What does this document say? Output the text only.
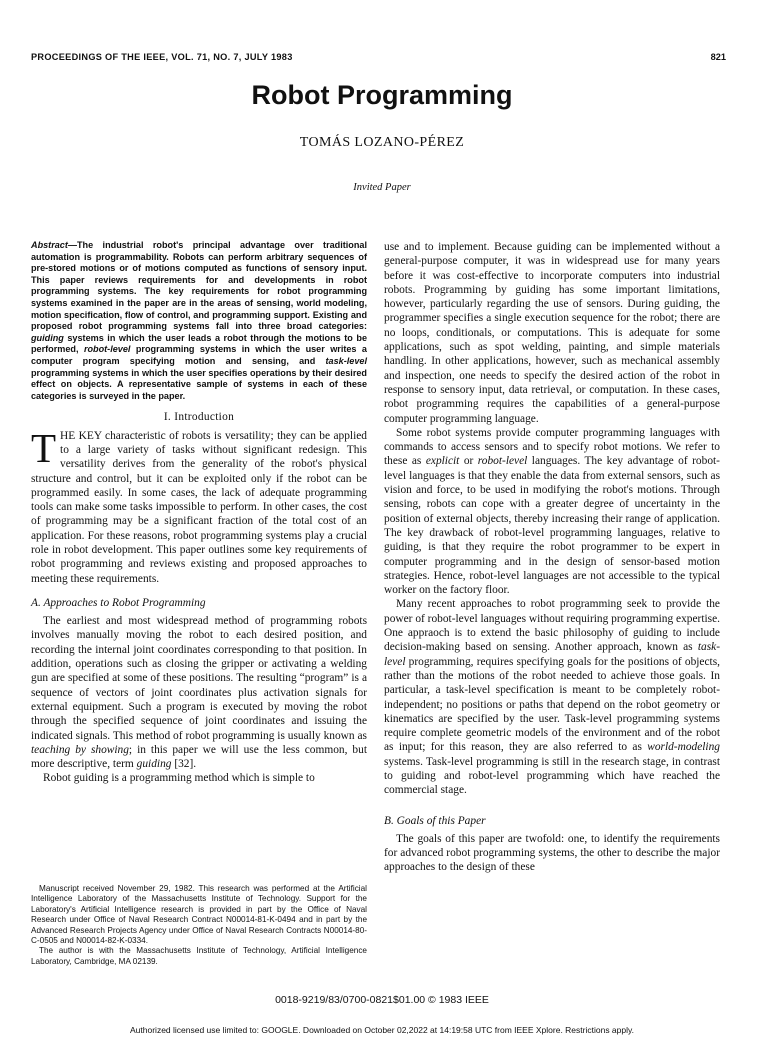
PROCEEDINGS OF THE IEEE, VOL. 71, NO. 7, JULY 1983	821
Robot Programming
TOMÁS LOZANO-PÉREZ
Invited Paper

Abstract—The industrial robot's principal advantage over traditional automation is programmability. Robots can perform arbitrary sequences of pre-stored motions or of motions computed as functions of sensory input. This paper reviews requirements for and developments in robot programming systems. The key requirements for robot programming systems examined in the paper are in the areas of sensing, world modeling, motion specification, flow of control, and programming support. Existing and proposed robot programming systems fall into three broad categories: guiding systems in which the user leads a robot through the motions to be performed, robot-level programming systems in which the user writes a computer program specifying motion and sensing, and task-level programming systems in which the user specifies operations by their desired effect on objects. A representative sample of systems in each of these categories is surveyed in the paper.

I. Introduction

THE KEY characteristic of robots is versatility; they can be applied to a large variety of tasks without significant redesign. This versatility derives from the generality of the robot's physical structure and control, but it can be exploited only if the robot can be programmed easily. In some cases, the lack of adequate programming tools can make some tasks impossible to perform. In other cases, the cost of programming may be a significant fraction of the total cost of an application. For these reasons, robot programming systems play a crucial role in robot development. This paper outlines some key requirements of robot programming and reviews existing and proposed approaches to meeting these requirements.

A. Approaches to Robot Programming

The earliest and most widespread method of programming robots involves manually moving the robot to each desired position, and recording the internal joint coordinates corresponding to that position. In addition, operations such as closing the gripper or activating a welding gun are specified at some of these positions. The resulting “program” is a sequence of vectors of joint coordinates plus activation signals for external equipment. Such a program is executed by moving the robot through the specified sequence of joint coordinates and issuing the indicated signals. This method of robot programming is usually known as teaching by showing; in this paper we will use the less common, but more descriptive, term guiding [32].

Robot guiding is a programming method which is simple to

use and to implement. Because guiding can be implemented without a general-purpose computer, it was in widespread use for many years before it was cost-effective to incorporate computers into industrial robots. Programming by guiding has some important limitations, however, particularly regarding the use of sensors. During guiding, the programmer specifies a single execution sequence for the robot; there are no loops, conditionals, or computations. This is adequate for some applications, such as spot welding, painting, and simple materials handling. In other applications, however, such as mechanical assembly and inspection, one needs to specify the desired action of the robot in response to sensory input, data retrieval, or computation. In these cases, robot programming requires the capabilities of a general-purpose computer programming language.

Some robot systems provide computer programming languages with commands to access sensors and to specify robot motions. We refer to these as explicit or robot-level languages. The key advantage of robot-level languages is that they enable the data from external sensors, such as vision and force, to be used in modifying the robot's motions. Through sensing, robots can cope with a greater degree of uncertainty in the position of external objects, thereby increasing their range of application. The key drawback of robot-level programming languages, relative to guiding, is that they require the robot programmer to be expert in computer programming and in the design of sensor-based motion strategies. Hence, robot-level languages are not accessible to the typical worker on the factory floor.

Many recent approaches to robot programming seek to provide the power of robot-level languages without requiring programming expertise. One appraoch is to extend the basic philosophy of guiding to include decision-making based on sensing. Another approach, known as task-level programming, requires specifying goals for the positions of objects, rather than the motions of the robot needed to achieve those goals. In particular, a task-level specification is meant to be completely robot-independent; no positions or paths that depend on the robot geometry or kinematics are specified by the user. Task-level programming systems require complete geometric models of the environment and of the robot as input; for this reason, they are also referred to as world-modeling systems. Task-level programming is still in the research stage, in contrast to guiding and robot-level programming which have reached the commercial stage.

B. Goals of this Paper

The goals of this paper are twofold: one, to identify the requirements for advanced robot programming systems, the other to describe the major approaches to the design of these

Manuscript received November 29, 1982. This research was performed at the Artificial Intelligence Laboratory of the Massachusetts Institute of Technology. Support for the Laboratory's Artificial Intelligence research is provided in part by the Office of Naval Research under Office of Naval Research Contract N00014-81-K-0494 and in part by the Advanced Research Projects Agency under Office of Naval Research Contracts N00014-80-C-0505 and N00014-82-K-0334.

The author is with the Massachusetts Institute of Technology, Artificial Intelligence Laboratory, Cambridge, MA 02139.

0018-9219/83/0700-0821$01.00 © 1983 IEEE
Authorized licensed use limited to: GOOGLE. Downloaded on October 02,2022 at 14:19:58 UTC from IEEE Xplore. Restrictions apply.
